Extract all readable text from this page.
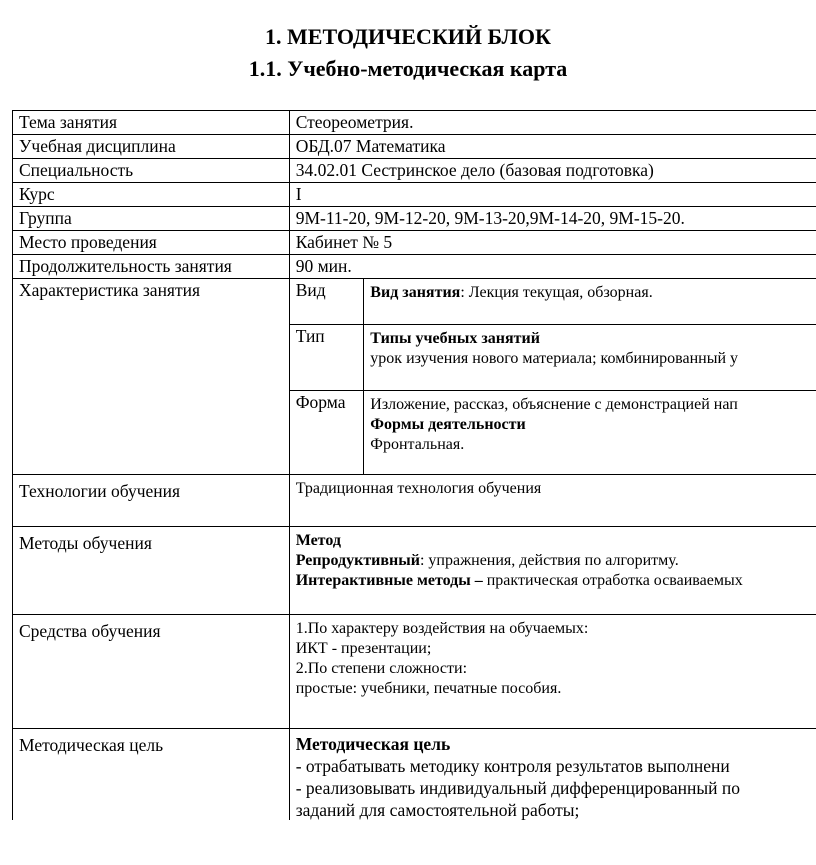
1. МЕТОДИЧЕСКИЙ БЛОК
1.1. Учебно-методическая карта
Тема занятия	Стеореометрия.	
Учебная дисциплина	ОБД.07 Математика	
Специальность	34.02.01 Сестринское дело (базовая подготовка)	
Курс	I	
Группа	9М-11-20, 9М-12-20, 9М-13-20,9М-14-20, 9М-15-20.	
Место проведения	Кабинет № 5	
Продолжительность занятия	90 мин.	
Характеристика занятия	Вид	Вид занятия: Лекция текущая, обзорная.
	Тип	Типы учебных занятий

урок изучения нового материала; комбинированный у

	Форма	Изложение, рассказ, объяснение с демонстрацией нап

Формы деятельности

Фронтальная.

Технологии обучения	Традиционная технология обучения	
Методы обучения	Метод

Репродуктивный: упражнения, действия по алгоритму.

Интерактивные методы – практическая отработка осваиваемых	

Средства обучения	1.По характеру воздействия на обучаемых:

ИКТ - презентации;

2.По степени сложности:

простые: учебники, печатные пособия.	

Методическая цель	Методическая цель
- отрабатывать методику контроля результатов выполнени
- реализовывать индивидуальный дифференцированный по
заданий для самостоятельной работы;	
